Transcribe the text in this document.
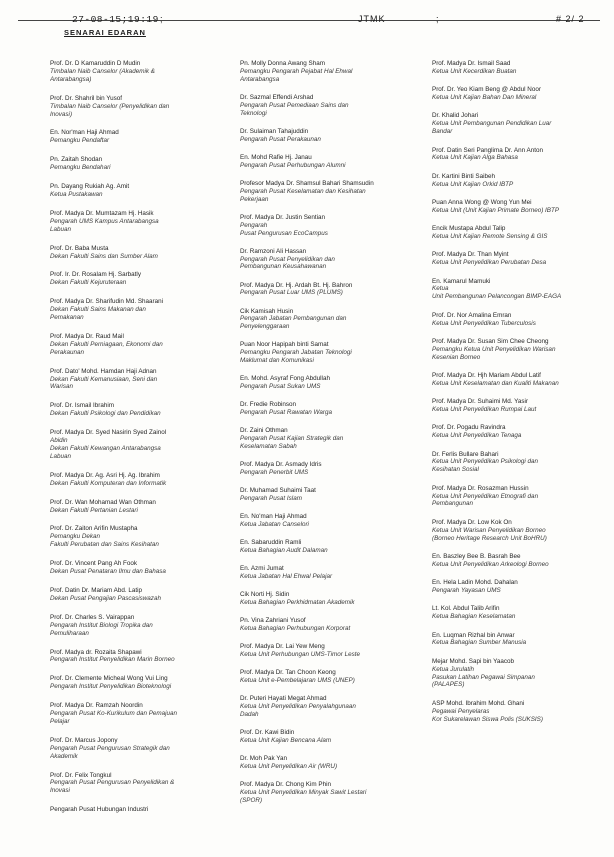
27-08-15;19:19 ;	JTMK	;	# 2/ 2
SENARAI EDARAN
Prof. Dr. D Kamaruddin D Mudin
Timbalan Naib Canselor (Akademik &
Antarabangsa)
Prof. Dr. Shahril bin Yusof
Timbalan Naib Canselor (Penyelidikan dan
Inovasi)
En. Nor'man Haji Ahmad
Pemangku Pendaftar
Pn. Zaitah Shodan
Pemangku Bendahari
Pn. Dayang Rukiah Ag. Amit
Ketua Pustakawan
Prof. Madya Dr. Mumtazam Hj. Hasik
Pengarah UMS Kampus Antarabangsa
Labuan
Prof. Dr. Baba Musta
Dekan Fakulti Sains dan Sumber Alam
Prof. Ir. Dr. Rosalam Hj. Sarbatly
Dekan Fakulti Kejuruteraan
Prof. Madya Dr. Sharifudin Md. Shaarani
Dekan Fakulti Sains Makanan dan
Pemakanan
Prof. Madya Dr. Raud Mail
Dekan Fakulti Perniagaan, Ekonomi dan
Perakaunan
Prof. Dato' Mohd. Hamdan Haji Adnan
Dekan Fakulti Kemanusiaan, Seni dan
Warisan
Prof. Dr. Ismail Ibrahim
Dekan Fakulti Psikologi dan Pendidikan
Prof. Madya Dr. Syed Nasirin Syed Zainol
Abidin
Dekan Fakulti Kewangan Antarabangsa
Labuan
Prof. Madya Dr. Ag. Asri Hj. Ag. Ibrahim
Dekan Fakulti Komputeran dan Informatik
Prof. Dr. Wan Mohamad Wan Othman
Dekan Fakulti Pertanian Lestari
Prof. Dr. Zaiton Arifin Mustapha
Pemangku Dekan
Fakulti Perubatan dan Sains Kesihatan
Prof. Dr. Vincent Pang Ah Fook
Dekan Pusat Penataran Ilmu dan Bahasa
Prof. Datin Dr. Mariam Abd. Latip
Dekan Pusat Pengajian Pascasiswazah
Prof. Dr. Charles S. Vairappan
Pengarah Institut Biologi Tropika dan
Pemuliharaan
Prof. Madya dr. Rozaita Shapawi
Pengarah Institut Penyelidikan Marin Borneo
Prof. Dr. Clemente Micheal Wong Vui Ling
Pengarah Institut Penyelidikan Bioteknologi
Prof. Madya Dr. Ramzah Noordin
Pengarah Pusat Ko-Kurikulum dan Pemajuan
Pelajar
Prof. Dr. Marcus Jopony
Pengarah Pusat Pengurusan Strategik dan
Akademik
Prof. Dr. Felix Tongkul
Pengarah Pusat Pengurusan Penyelidikan &
Inovasi
Pengarah Pusat Hubungan Industri
Pn. Molly Donna Awang Sham
Pemangku Pengarah Pejabat Hal Ehwal
Antarabangsa
Dr. Sazmal Effendi Arshad
Pengarah Pusat Pemediaan Sains dan
Teknologi
Dr. Sulaiman Tahajuddin
Pengarah Pusat Perakaunan
En. Mohd Rafie Hj. Janau
Pengarah Pusat Perhubungan Alumni
Profesor Madya Dr. Shamsul Bahari Shamsudin
Pengarah Pusat Keselamatan dan Kesihatan
Pekerjaan
Prof. Madya Dr. Justin Sentian
Pengarah
Pusat Pengurusan EcoCampus
Dr. Ramzoni Ali Hassan
Pengarah Pusat Penyelidikan dan
Pembangunan Keusahawanan
Prof. Madya Dr. Hj. Ardah Bt. Hj. Bahron
Pengarah Pusat Luar UMS (PLUMS)
Cik Kamisah Husin
Pengarah Jabatan Pembangunan dan
Penyelenggaraan
Puan Noor Hapipah binti Samat
Pemangku Pengarah Jabatan Teknologi
Maklumat dan Komunikasi
En. Mohd. Asyraf Fong Abdullah
Pengarah Pusat Sukan UMS
Dr. Fredie Robinson
Pengarah Pusat Rawatan Warga
Dr. Zaini Othman
Pengarah Pusat Kajian Strategik dan
Keselamatan Sabah
Prof. Madya Dr. Asmady Idris
Pengarah Penerbit UMS
Dr. Muhamad Suhaimi Taat
Pengarah Pusat Islam
En. No'man Haji Ahmad
Ketua Jabatan Canselori
En. Sabaruddin Ramli
Ketua Bahagian Audit Dalaman
En. Azmi Jumat
Ketua Jabatan Hal Ehwal Pelajar
Cik Norti Hj. Sidin
Ketua Bahagian Perkhidmatan Akademik
Pn. Vina Zahriani Yusof
Ketua Bahagian Perhubungan Korporat
Prof. Madya Dr. Lai Yew Meng
Ketua Unit Perhubungan UMS-Timor Leste
Prof. Madya Dr. Tan Choon Keong
Ketua Unit e-Pembelajaran UMS (UNEP)
Dr. Puteri Hayati Megat Ahmad
Ketua Unit Penyelidikan Penyalahgunaan
Dadah
Prof. Dr. Kawi Bidin
Ketua Unit Kajian Bencana Alam
Dr. Moh Pak Yan
Ketua Unit Penyelidikan Air (WRU)
Prof. Madya Dr. Chong Kim Phin
Ketua Unit Penyelidikan Minyak Sawit Lestari
(SPOR)
Prof. Madya Dr. Ismail Saad
Ketua Unit Kecerdikan Buatan
Prof. Dr. Yeo Kiam Beng @ Abdul Noor
Ketua Unit Kajian Bahan Dan Mineral
Dr. Khalid Johari
Ketua Unit Pembangunan Pendidikan Luar
Bandar
Prof. Datin Seri Panglima Dr. Ann Anton
Ketua Unit Kajian Alga Bahasa
Dr. Kartini Binti Saibeh
Ketua Unit Kajian Orkid IBTP
Puan Anna Wong @ Wong Yun Mei
Ketua Unit (Unit Kajian Primate Borneo) IBTP
Encik Mustapa Abdul Talip
Ketua Unit Kajian Remote Sensing & GIS
Prof. Madya Dr. Than Myint
Ketua Unit Penyelidikan Perubatan Desa
En. Kamarul Mamuki
Ketua
Unit Pembangunan Pelancongan BIMP-EAGA
Prof. Dr. Nor Amalina Emran
Ketua Unit Penyelidikan Tuberculosis
Prof. Madya Dr. Susan Sim Chee Cheong
Pemangku Ketua Unit Penyelidikan Warisan
Kesenian Borneo
Prof. Madya Dr. Hjh Mariam Abdul Latif
Ketua Unit Keselamatan dan Kualiti Makanan
Prof. Madya Dr. Suhaimi Md. Yasir
Ketua Unit Penyelidikan Rumpai Laut
Prof. Dr. Pogadu Ravindra
Ketua Unit Penyelidikan Tenaga
Dr. Ferlis Bullare Bahari
Ketua Unit Penyelidikan Psikologi dan
Kesihatan Sosial
Prof. Madya Dr. Rosazman Hussin
Ketua Unit Penyelidikan Etnografi dan
Pembangunan
Prof. Madya Dr. Low Kok On
Ketua Unit Warisan Penyelidikan Borneo
(Borneo Heritage Research Unit BoHRU)
En. Baszley Bee B. Basrah Bee
Ketua Unit Penyelidikan Arkeologi Borneo
En. Hela Ladin Mohd. Dahalan
Pengarah Yayasan UMS
Lt. Kol. Abdul Talib Arifin
Ketua Bahagian Keselamatan
En. Luqman Rizhal bin Anwar
Ketua Bahagian Sumber Manusia
Mejar Mohd. Sapi bin Yaacob
Ketua Jurulatih
Pasukan Latihan Pegawai Simpanan
(PALAPES)
ASP Mohd. Ibrahim Mohd. Ghani
Pegawai Penyelaras
Kor Sukarelawan Siswa Polis (SUKSIS)
